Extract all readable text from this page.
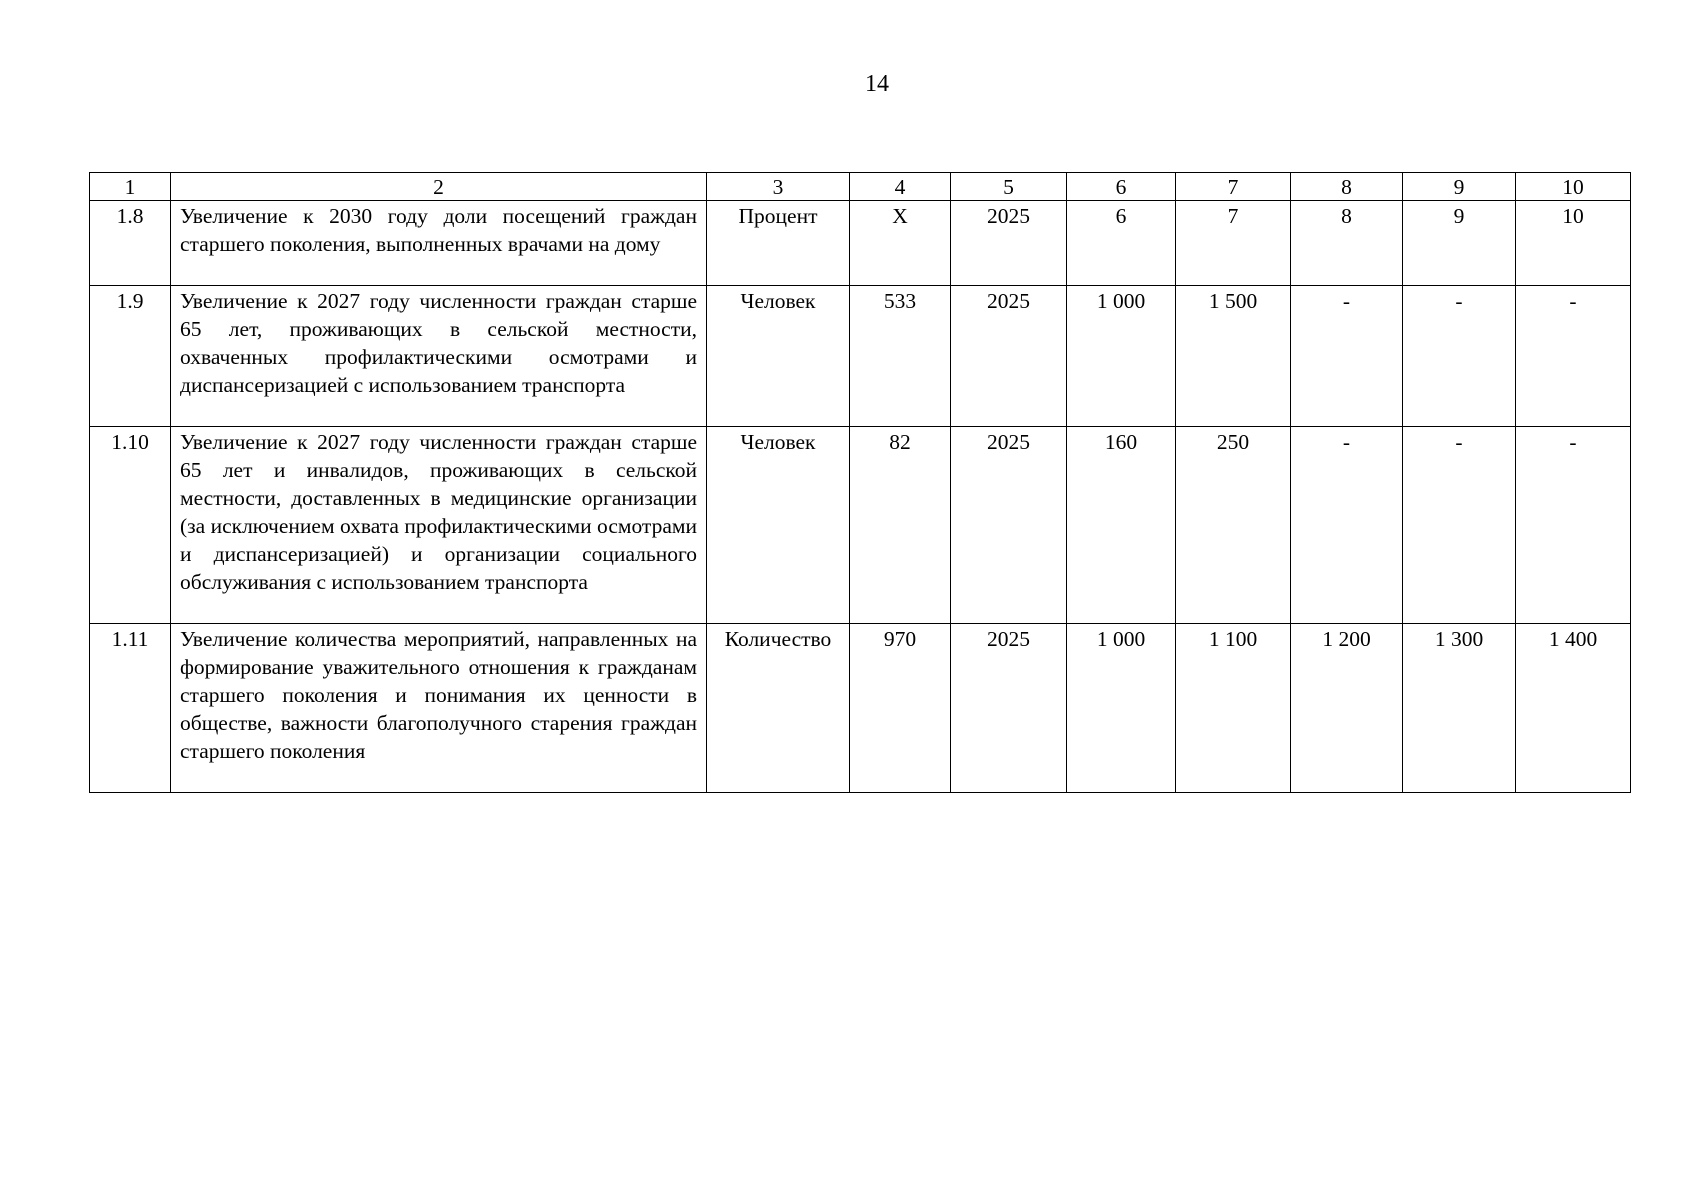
14
1	2	3	4	5	6	7	8	9	10
1.8	Увеличение к 2030 году доли посещений граждан старшего поколения, выполненных врачами на дому	Процент	X	2025	6	7	8	9	10
1.9	Увеличение к 2027 году численности граждан старше 65 лет, проживающих в сельской местности, охваченных профилактическими осмотрами и диспансеризацией с использованием транспорта	Человек	533	2025	1 000	1 500	-	-	-
1.10	Увеличение к 2027 году численности граждан старше 65 лет и инвалидов, проживающих в сельской местности, доставленных в медицинские организации (за исключением охвата профилактическими осмотрами и диспансеризацией) и организации социального обслуживания с использованием транспорта	Человек	82	2025	160	250	-	-	-
1.11	Увеличение количества мероприятий, направленных на формирование уважительного отношения к гражданам старшего поколения и понимания их ценности в обществе, важности благополучного старения граждан старшего поколения	Количество	970	2025	1 000	1 100	1 200	1 300	1 400
